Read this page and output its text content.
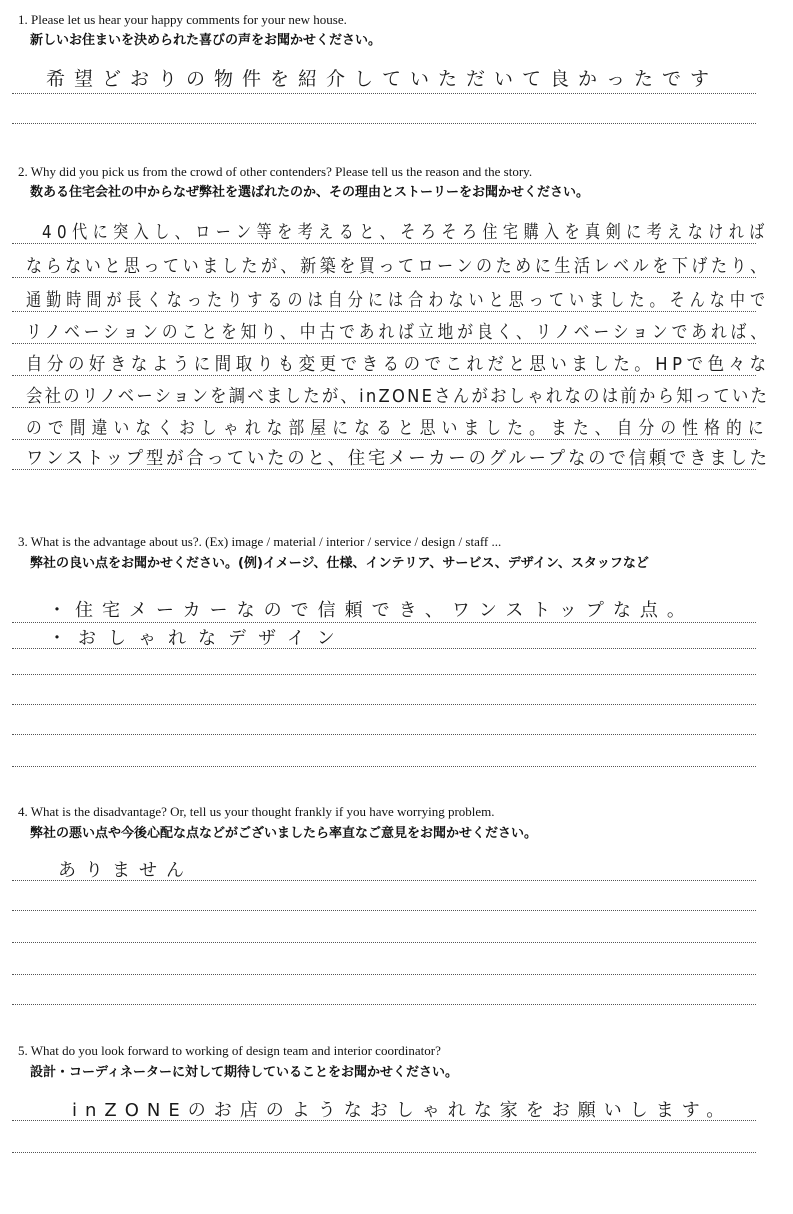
1. Please let us hear your happy comments for your new house.
新しいお住まいを決められた喜びの声をお聞かせください。
希望どおりの物件を紹介していただいて良かったです
2. Why did you pick us from the crowd of other contenders? Please tell us the reason and the story.
数ある住宅会社の中からなぜ弊社を選ばれたのか、その理由とストーリーをお聞かせください。
40代に突入し、ローン等を考えると、そろそろ住宅購入を真剣に考えなければ
ならないと思っていましたが、新築を買ってローンのために生活レベルを下げたり、
通勤時間が長くなったりするのは自分には合わないと思っていました。そんな中で
リノベーションのことを知り、中古であれば立地が良く、リノベーションであれば、
自分の好きなように間取りも変更できるのでこれだと思いました。HPで色々な
会社のリノベーションを調べましたが、inZONEさんがおしゃれなのは前から知っていた
ので間違いなくおしゃれな部屋になると思いました。また、自分の性格的に
ワンストップ型が合っていたのと、住宅メーカーのグループなので信頼できました
3. What is the advantage about us?. (Ex) image / material / interior / service / design / staff ...
弊社の良い点をお聞かせください。(例)イメージ、仕様、インテリア、サービス、デザイン、スタッフなど
・住宅メーカーなので信頼でき、ワンストップな点。
・おしゃれなデザイン
4. What is the disadvantage? Or, tell us your thought frankly if you have worrying problem.
弊社の悪い点や今後心配な点などがございましたら率直なご意見をお聞かせください。
ありません
5. What do you look forward to working of design team and interior coordinator?
設計・コーディネーターに対して期待していることをお聞かせください。
inZONEのお店のようなおしゃれな家をお願いします。
